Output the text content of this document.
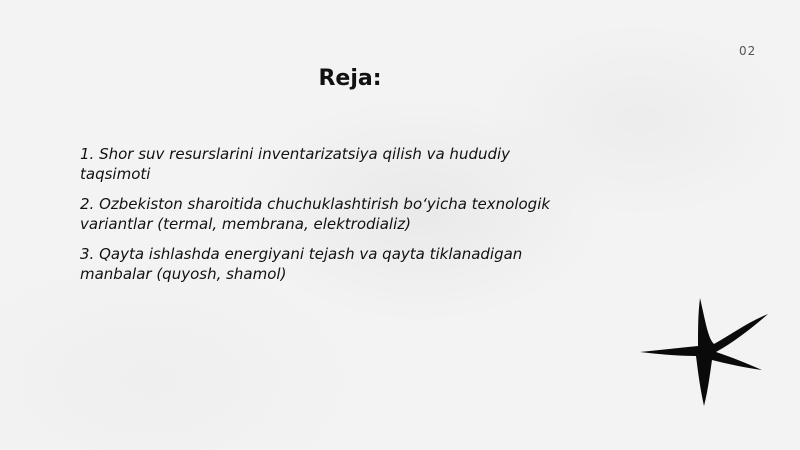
02
Reja:
1. Shor suv resurslarini inventarizatsiya qilish va hududiy taqsimoti
2. Ozbekiston sharoitida chuchuklashtirish bo‘yicha texnologik variantlar (termal, membrana, elektrodializ)
3. Qayta ishlashda energiyani tejash va qayta tiklanadigan manbalar (quyosh, shamol)
